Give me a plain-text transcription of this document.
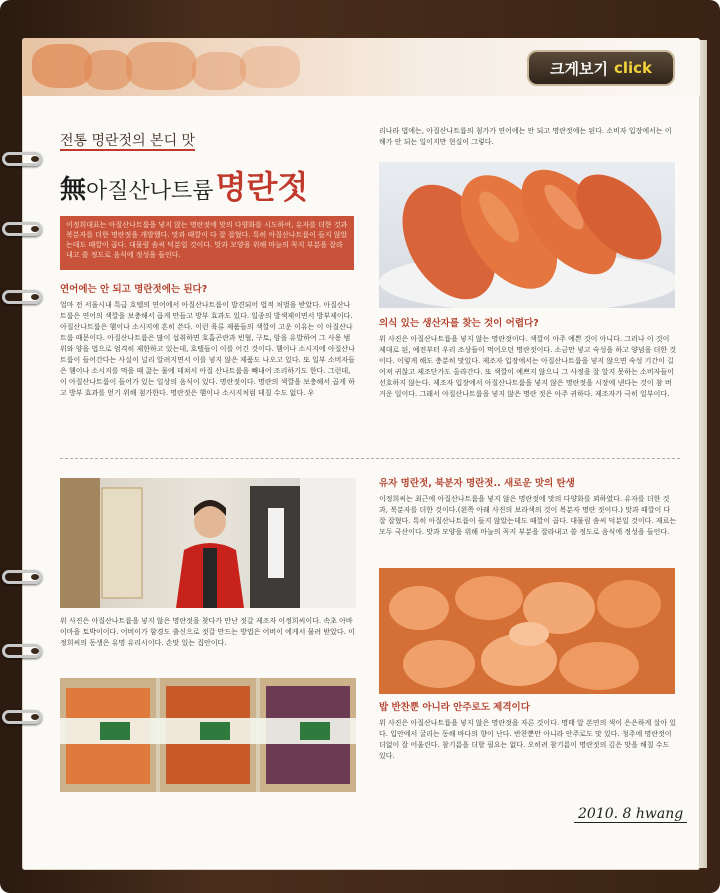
크게보기 click
전통 명란젓의 본디 맛
無 아질산나트륨 명란젓
이정희대표는 아질산나트륨을 넣지 않는 명란젓에 맛의 다양화를 시도하여, 유자를 더한 것과 북분자를 더한 명란젓을 개발했다. 맛과 때깔이 다 잘 잡혔다. 특히 아질산나트륨이 들지 않았는데도 때깔이 곱다. 대물림 솜씨 덕분일 것이다. 맛과 모양을 위해 마늘의 꼭지 부분을 잘라내고 쓸 정도로 음식에 정성을 들인다.
연어에는 안 되고 명란젓에는 된다?
얼마 전 서울시내 특급 호텔의 연어에서 아질산나트륨이 발견되어 법적 처벌을 받았다. 아질산나트륨은 연어의 색깔을 보충해서 곱게 만들고 방부 효과도 있다. 일종의 발색제이면서 방부제이다. 아질산나트륨은 햄이나 소시지에 흔히 쓴다. 이런 육류 제품들의 색깔이 고운 이유는 이 아질산나트륨 때문이다. 아질산나트륨은 많이 섭취하면 호흡곤란과 빈혈, 구토, 암을 유발하여 그 사용 범위와 양을 법으로 엄격히 제한하고 있는데, 호텔들이 이를 어긴 것이다. 햄이나 소시지에 아질산나트륨이 들어간다는 사실이 널리 알려지면서 이를 넣지 않은 제품도 나오고 있다. 또 일부 소비자들은 햄이나 소시지를 먹을 때 끓는 물에 데쳐서 아질 산나트륨을 빼내어 조리하기도 한다. 그런데, 이 아질산나트륨이 들어가 있는 일상의 음식이 있다. 명란젓이다. 명란의 색깔을 보충해서 곱게 하고 방부 효과를 얻기 위해 첨가한다. 명란젓은 햄이나 소시지처럼 데칠 수도 없다. 우
리나라 법에는, 아질산나트륨의 첨가가 연어에는 안 되고 명란젓에는 된다. 소비자 입장에서는 이해가 안 되는 일이지만 현실이 그렇다.
의식 있는 생산자를 찾는 것이 어렵다?
위 사진은 아질산나트륨을 넣지 않는 명란젓이다. 색깔이 아주 예쁜 것이 아니다. 그러나 이 것이 제대로 된, 예전부터 우리 조상들이 먹어오던 명란젓이다. 소금만 넣고 숙성을 하고 양념을 더한 것이다. 이렇게 해도 충분히 맛있다. 제조자 입장에서는 아질산나트륨을 넣지 않으면 숙성 기간이 길어져 귀찮고 제조단가도 올라간다. 또 색깔이 예쁘지 않으니 그 사정을 잘 알지 못하는 소비자들이 선호하지 않는다. 제조자 입장에서 아질산나트륨을 넣지 않은 명란젓을 시장에 낸다는 것이 참 버거운 일이다. 그래서 아질산나트륨을 넣지 않은 명란 젓은 아주 귀하다. 제조자가 극히 일부이다.
위 사진은 아질산나트륨을 넣지 않은 명란젓을 찾다가 만난 젓갈 제조자 이정희씨이다. 속초 아바이마을 토박이이다. 어버이가 함경도 출신으로 젓갈 만드는 방법은 어버이 에게서 물려 받았다. 이정희씨의 동생은 유명 유리시이다. 손맛 있는 집안이다.
유자 명란젓, 북분자 명란젓.. 새로운 맛의 탄생
이정희씨는 최근에 아질산나트륨을 넣지 않은 명란젓에 맛의 다양화를 꾀하였다. 유자를 더한 것과, 북분자를 더한 것이다.(왼쪽 아래 사진의 보라색의 것이 복분자 명란 젓이다.) 맛과 때깔이 다 잘 잡혔다. 특히 아질산나트륨이 들지 않았는데도 때깔이 곱다. 대물림 솜씨 덕분일 것이다. 재료는 모두 국산이다. 맛과 모양을 위해 마늘의 꼭지 부분을 잘라내고 쓸 정도로 음식에 정성을 들인다.
밥 반찬뿐 아니라 안주로도 제격이다
위 사진은 아질산나트륨을 넣지 않은 명란젓을 자른 것이다. 명태 알 본연의 색이 은은하게 살아 있다. 입안에서 굴리는 동해 바다의 향이 난다. 반찬뿐만 아니라 안주로도 맛 있다. 청주에 명란젓이 더없이 잘 어울린다. 참기름을 더할 필요는 없다. 오히려 참기름이 명란젓의 깊은 맛을 해칠 수도 있다.
2010. 8 hwang
